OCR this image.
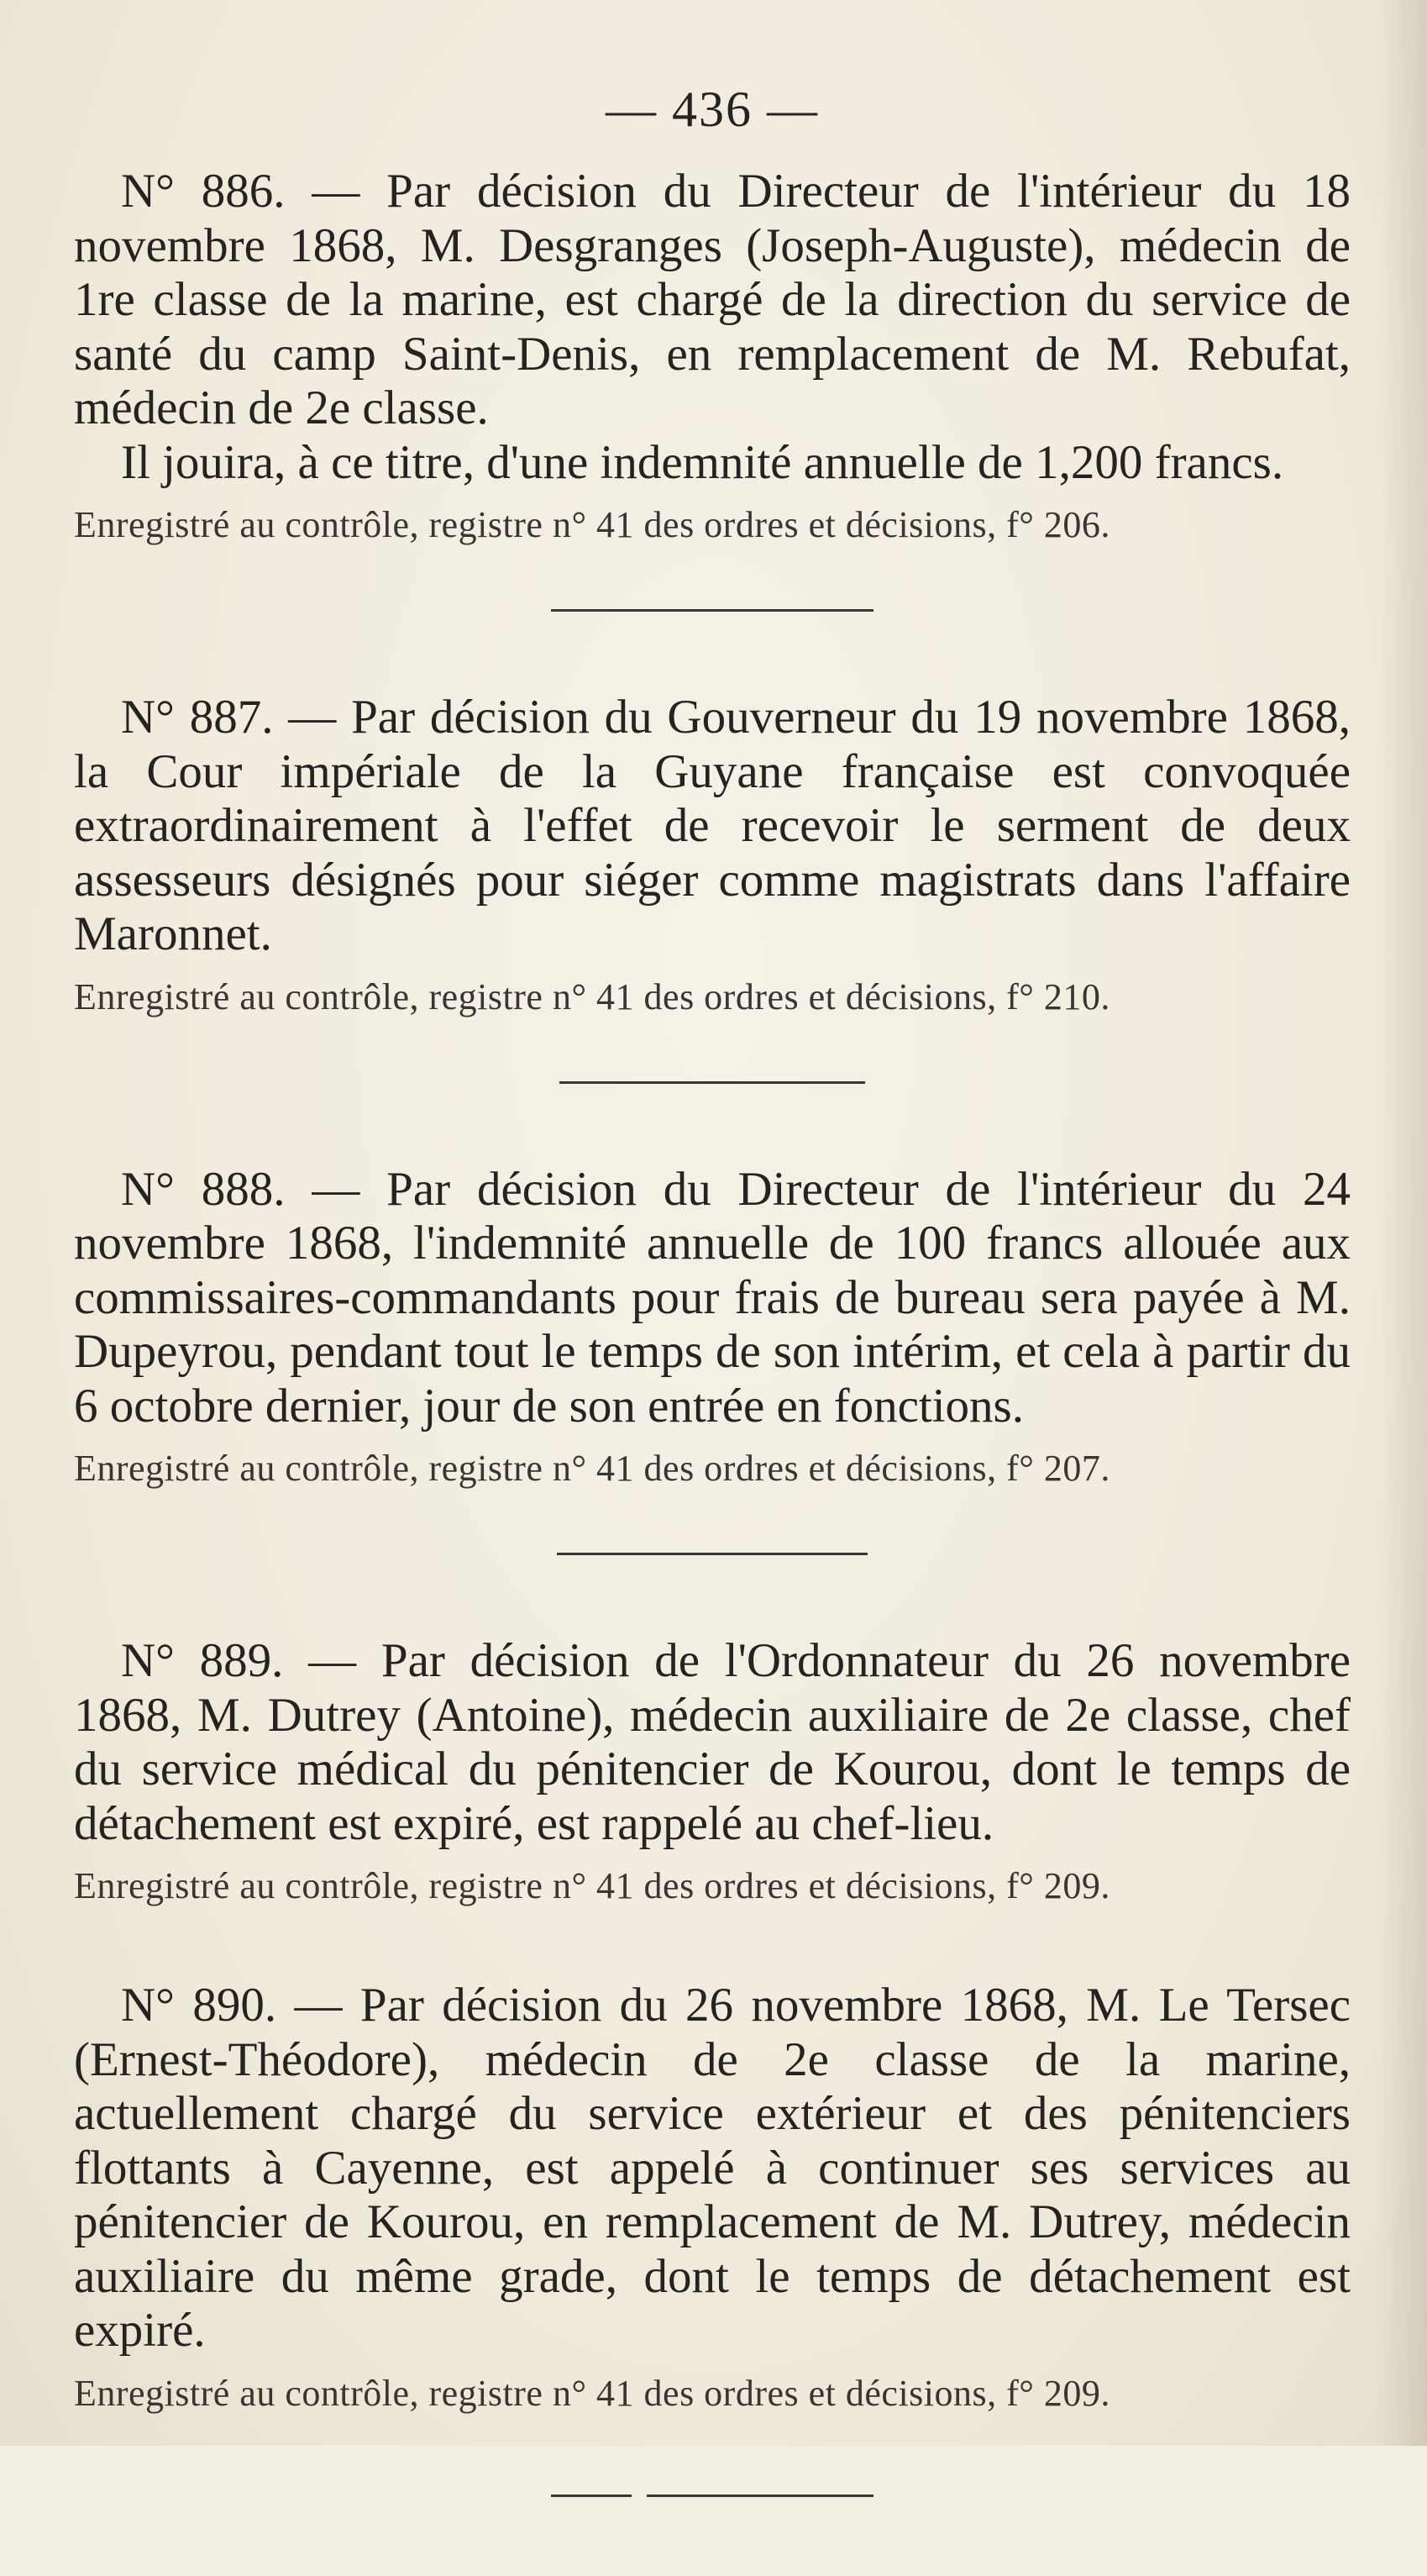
— 436 —

N° 886. — Par décision du Directeur de l'intérieur du 18 novembre 1868, M. Desgranges (Joseph-Auguste), médecin de 1re classe de la marine, est chargé de la direction du service de santé du camp Saint-Denis, en remplacement de M. Rebufat, médecin de 2e classe.

Il jouira, à ce titre, d'une indemnité annuelle de 1,200 francs.

Enregistré au contrôle, registre n° 41 des ordres et décisions, f° 206.

N° 887. — Par décision du Gouverneur du 19 novembre 1868, la Cour impériale de la Guyane française est convoquée extraordinairement à l'effet de recevoir le serment de deux assesseurs désignés pour siéger comme magistrats dans l'affaire Maronnet.

Enregistré au contrôle, registre n° 41 des ordres et décisions, f° 210.

N° 888. — Par décision du Directeur de l'intérieur du 24 novembre 1868, l'indemnité annuelle de 100 francs allouée aux commissaires-commandants pour frais de bureau sera payée à M. Dupeyrou, pendant tout le temps de son intérim, et cela à partir du 6 octobre dernier, jour de son entrée en fonctions.

Enregistré au contrôle, registre n° 41 des ordres et décisions, f° 207.

N° 889. — Par décision de l'Ordonnateur du 26 novembre 1868, M. Dutrey (Antoine), médecin auxiliaire de 2e classe, chef du service médical du pénitencier de Kourou, dont le temps de détachement est expiré, est rappelé au chef-lieu.

Enregistré au contrôle, registre n° 41 des ordres et décisions, f° 209.

N° 890. — Par décision du 26 novembre 1868, M. Le Tersec (Ernest-Théodore), médecin de 2e classe de la marine, actuellement chargé du service extérieur et des pénitenciers flottants à Cayenne, est appelé à continuer ses services au pénitencier de Kourou, en remplacement de M. Dutrey, médecin auxiliaire du même grade, dont le temps de détachement est expiré.

Enregistré au contrôle, registre n° 41 des ordres et décisions, f° 209.
